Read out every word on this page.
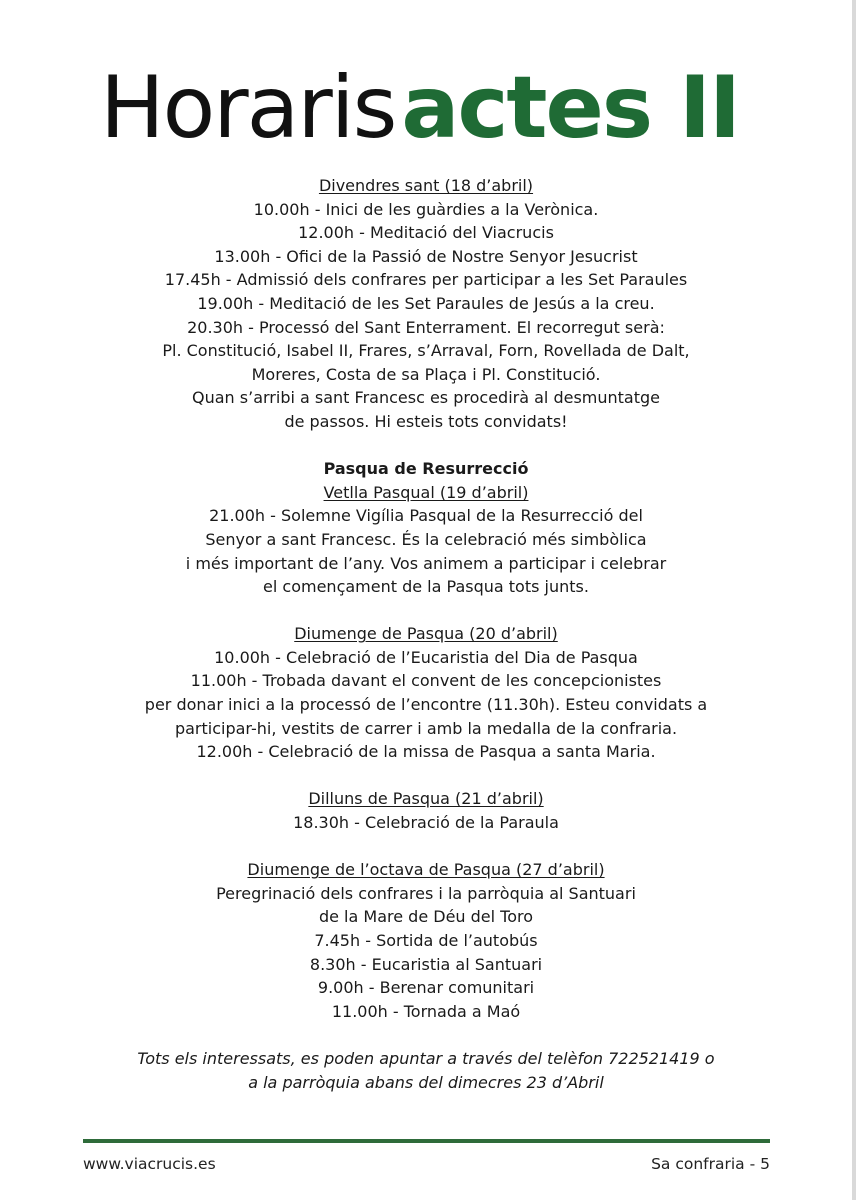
Horarisactes II
Divendres sant (18 d’abril)
10.00h - Inici de les guàrdies a la Verònica.
12.00h - Meditació del Viacrucis
13.00h - Ofici de la Passió de Nostre Senyor Jesucrist
17.45h - Admissió dels confrares per participar a les Set Paraules
19.00h - Meditació de les Set Paraules de Jesús a la creu.
20.30h - Processó del Sant Enterrament. El recorregut serà:
Pl. Constitució, Isabel II, Frares, s’Arraval, Forn, Rovellada de Dalt,
Moreres, Costa de sa Plaça i Pl. Constitució.
Quan s’arribi a sant Francesc es procedirà al desmuntatge
de passos. Hi esteis tots convidats!
Pasqua de Resurrecció
Vetlla Pasqual (19 d’abril)
21.00h - Solemne Vigília Pasqual de la Resurrecció del
Senyor a sant Francesc. És la celebració més simbòlica
i més important de l’any. Vos animem a participar i celebrar
el començament de la Pasqua tots junts.
Diumenge de Pasqua (20 d’abril)
10.00h - Celebració de l’Eucaristia del Dia de Pasqua
11.00h - Trobada davant el convent de les concepcionistes
per donar inici a la processó de l’encontre (11.30h). Esteu convidats a
participar-hi, vestits de carrer i amb la medalla de la confraria.
12.00h - Celebració de la missa de Pasqua a santa Maria.
Dilluns de Pasqua (21 d’abril)
18.30h - Celebració de la Paraula
Diumenge de l’octava de Pasqua (27 d’abril)
Peregrinació dels confrares i la parròquia al Santuari
de la Mare de Déu del Toro
7.45h - Sortida de l’autobús
8.30h - Eucaristia al Santuari
9.00h - Berenar comunitari
11.00h - Tornada a Maó
Tots els interessats, es poden apuntar a través del telèfon 722521419 o
a la parròquia abans del dimecres 23 d’Abril
www.viacrucis.es	Sa confraria - 5
